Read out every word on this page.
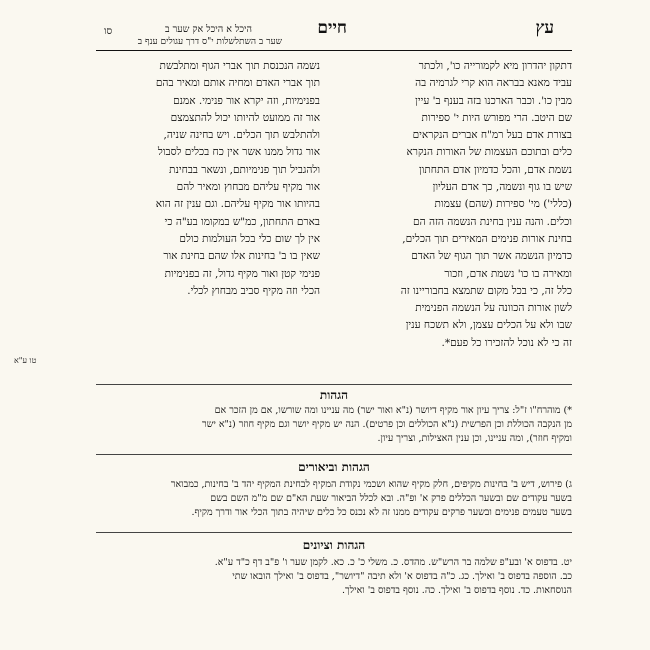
עץ
חיים
היכל א היכל אק שער ב
שער ב השתלשלות י"ס דרך עגולים ענף ב
סו
דתקון יהדרון מיא לקמורייה כו', ולכתר
עביד מאנא בבראה הוא קרי לגרמיה בה
מבין כו'. וכבר הארכנו בזה בענף ב' עיין
שם היטב. הרי מפורש היות י' ספירות
בצורת אדם בעל רמ"ח אברים הנקראים
כלים ובתוכם העצמות של האורות הנקרא
נשמת אדם, והכל כדמיון אדם התחתון
שיש בו גוף ונשמה, כך אדם העליון
(כללי') מי' ספירות (שהם) עצמות
וכלים. והנה ענין בחינת הנשמה הזה הם
בחינת אורות פנימים המאירים תוך הכלים,
כדמיון הנשמה אשר תוך הגוף של האדם
ומאירה בו כו' נשמת אדם, וזכור
כלל זה, כי בכל מקום שתמצא בחבוריינו זה
לשון אורות הכוונה על הנשמה הפנימית
שבו ולא על הכלים עצמן, ולא תשכח ענין
זה כי לא נוכל להזכירו כל פעם*.
נשמה הנכנסת תוך אברי הגוף ומתלבשת
תוך אברי האדם ומחיה אותם ומאיר בהם
בפנימיות, וזה יקרא אור פנימי. אמנם
אור זה ממועט להיותו יכול להתצמצם
ולהתלבש תוך הכלים. ויש בחינה שניה,
אור גדול ממנו אשר אין כח בכלים לסבול
ולהגביל תוך פנימיותם, ונשאר בבחינת
אור מקיף עליהם מבחוץ ומאיר להם
בהיותו אור מקיף עליהם. וגם ענין זה הוא
בארם התחתון, כמ"ש במקומו בע"ה כי
אין לך שום כלי בכל העולמות כולם
שאין בו ב' בחינות אלו שהם בחינת אור
פנימי קטן ואור מקיף גדול, זה בפנימיות
הכלי וזה מקיף סביב מבחוץ לכלי.
הגהות
*) מוהרח"ו ז"ל: צריך עיון אור מקיף דיושר (נ"א ואור ישר) מה עניינו ומה שורשו, אם מן הזכר אם
מן הנקבה הכוללת וכן הפרשית (נ"א הכוללים וכן פרטים). הנה יש מקיף יושר וגם מקיף חוזר (נ"א ישר
ומקיף חוזר), ומה עניינו, וכן ענין האצילות, וצריך עיון.
הגהות וביאורים
ג) פירוש, דיש ב' בחינות מקיפים, חלק מקיף שהוא ושכמי נקודת המקיף לבחינת המקיף יהד ב' בחינות, כמבואר
בשער עקודים שם ובשער הכללים פרק א' ופ"ה. ובא לכלל הביאור שעת הא"ם שם מ"מ השם בשם
בשער טעמים פנימים ובשער פרקים עקודים ממנו זה לא נכנס כל כלים שיהיה בתוך הכלי אור ודרך מקיף.
הגהות וציונים
יט. בדפוס א' ובע"פ שלמה בר הרש"ש. מהדס. כ. משלי כ' כ. כא. לקמן שער ו' פ"ב דף כ"ד ע"א.
כב. הוספה בדפוס ב' ואילך. כג. כ"ה בדפוס א' ולא תיבה "דיושר", בדפוס ב' ואילך הובאו שתי
הנוסחאות. כד. נוסף בדפוס ב' ואילך. כה. נוסף בדפוס ב' ואילך.
טו ע"א
